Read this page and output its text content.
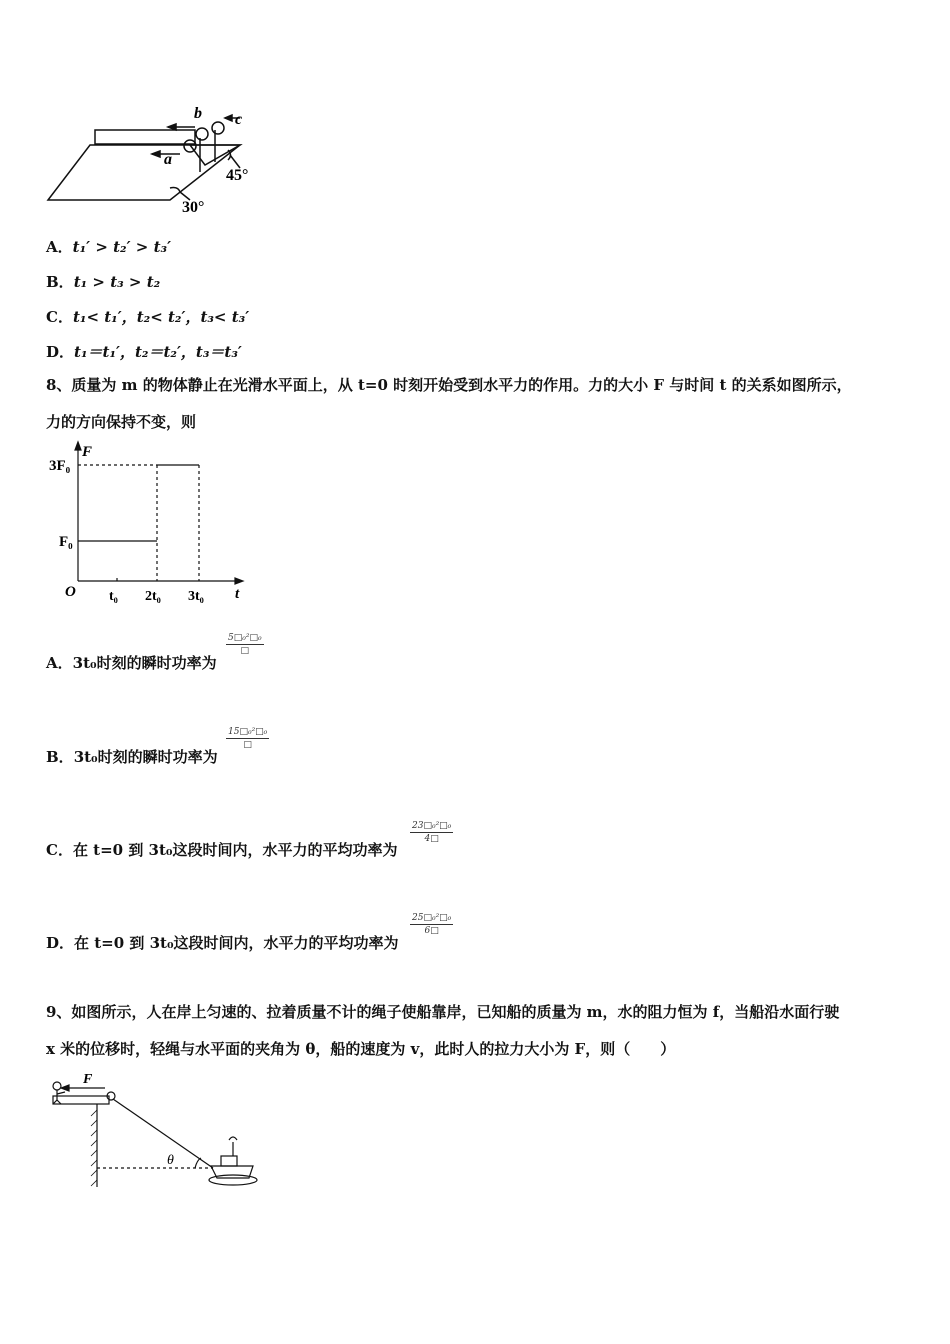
a
b c
45°
30°
A．t₁′ > t₂′ > t₃′
B．t₁ > t₃ > t₂
C．t₁< t₁′，t₂< t₂′，t₃< t₃′
D．t₁＝t₁′，t₂＝t₂′，t₃＝t₃′
8、质量为 m 的物体静止在光滑水平面上，从 t=0 时刻开始受到水平力的作用。力的大小 F 与时间 t 的关系如图所示，
力的方向保持不变，则
F
t
O
3F₀
F₀
t₀ 2t₀ 3t₀
A．3t₀时刻的瞬时功率为
5□₀²□₀
□
B．3t₀时刻的瞬时功率为
15□₀²□₀
□
C．在 t=0 到 3t₀这段时间内，水平力的平均功率为
23□₀²□₀
4□
D．在 t=0 到 3t₀这段时间内，水平力的平均功率为
25□₀²□₀
6□
9、如图所示，人在岸上匀速的、拉着质量不计的绳子使船靠岸，已知船的质量为 m，水的阻力恒为 f，当船沿水面行驶
x 米的位移时，轻绳与水平面的夹角为 θ，船的速度为 v，此时人的拉力大小为 F，则（　　）
F
θ
